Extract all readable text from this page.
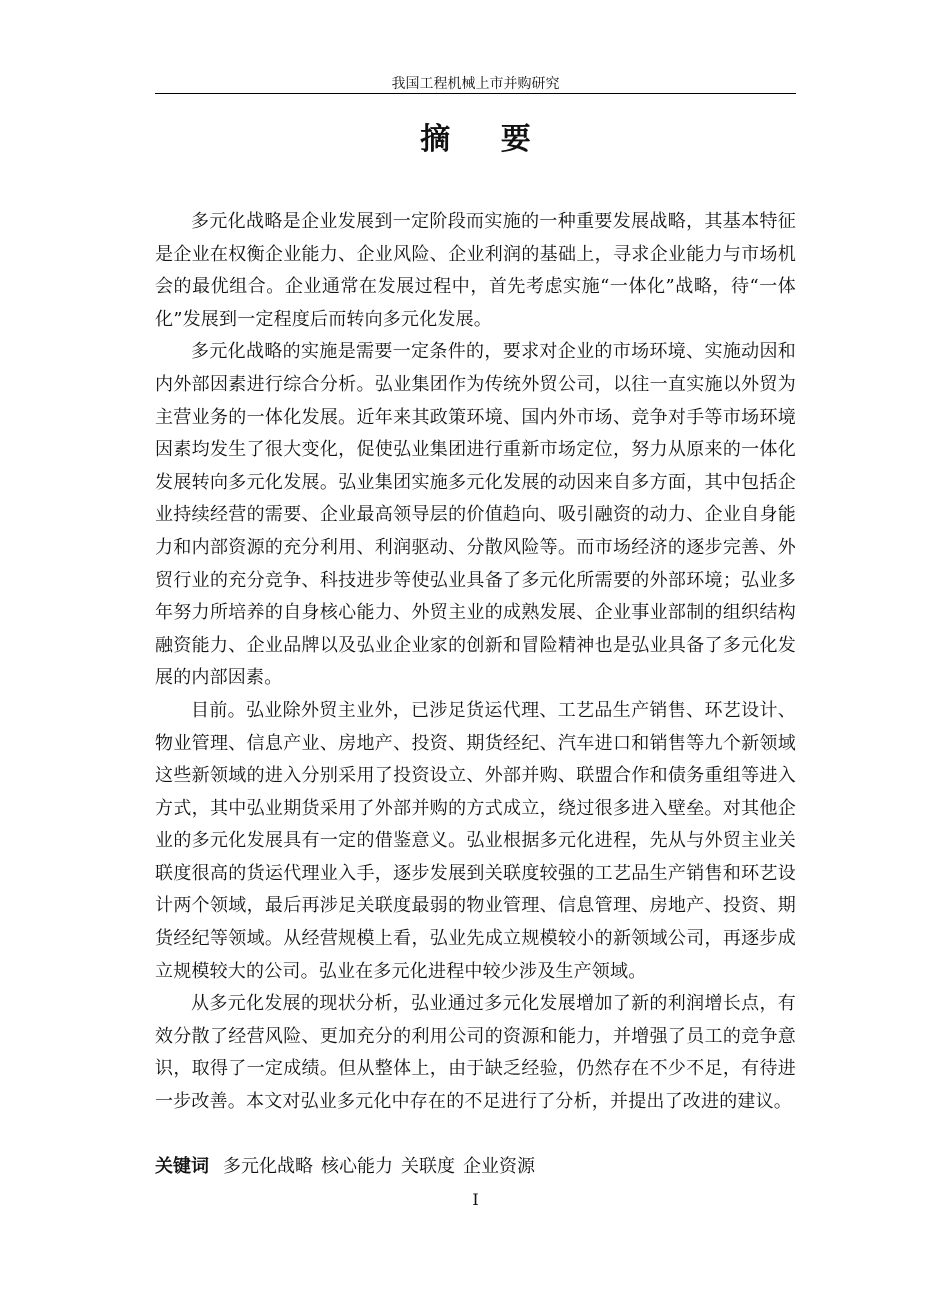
我国工程机械上市并购研究
摘 要

多元化战略是企业发展到一定阶段而实施的一种重要发展战略，其基本特征是企业在权衡企业能力、企业风险、企业利润的基础上，寻求企业能力与市场机会的最优组合。企业通常在发展过程中，首先考虑实施“一体化”战略，待“一体化”发展到一定程度后而转向多元化发展。

多元化战略的实施是需要一定条件的，要求对企业的市场环境、实施动因和内外部因素进行综合分析。弘业集团作为传统外贸公司，以往一直实施以外贸为主营业务的一体化发展。近年来其政策环境、国内外市场、竞争对手等市场环境因素均发生了很大变化，促使弘业集团进行重新市场定位，努力从原来的一体化发展转向多元化发展。弘业集团实施多元化发展的动因来自多方面，其中包括企业持续经营的需要、企业最高领导层的价值趋向、吸引融资的动力、企业自身能力和内部资源的充分利用、利润驱动、分散风险等。而市场经济的逐步完善、外贸行业的充分竞争、科技进步等使弘业具备了多元化所需要的外部环境；弘业多年努力所培养的自身核心能力、外贸主业的成熟发展、企业事业部制的组织结构融资能力、企业品牌以及弘业企业家的创新和冒险精神也是弘业具备了多元化发展的内部因素。

目前。弘业除外贸主业外，已涉足货运代理、工艺品生产销售、环艺设计、物业管理、信息产业、房地产、投资、期货经纪、汽车进口和销售等九个新领域这些新领域的进入分别采用了投资设立、外部并购、联盟合作和债务重组等进入方式，其中弘业期货采用了外部并购的方式成立，绕过很多进入壁垒。对其他企业的多元化发展具有一定的借鉴意义。弘业根据多元化进程，先从与外贸主业关联度很高的货运代理业入手，逐步发展到关联度较强的工艺品生产销售和环艺设计两个领域，最后再涉足关联度最弱的物业管理、信息管理、房地产、投资、期货经纪等领域。从经营规模上看，弘业先成立规模较小的新领域公司，再逐步成立规模较大的公司。弘业在多元化进程中较少涉及生产领域。

从多元化发展的现状分析，弘业通过多元化发展增加了新的利润增长点，有效分散了经营风险、更加充分的利用公司的资源和能力，并增强了员工的竞争意识，取得了一定成绩。但从整体上，由于缺乏经验，仍然存在不少不足，有待进一步改善。本文对弘业多元化中存在的不足进行了分析，并提出了改进的建议。

关键词 多元化战略 核心能力 关联度 企业资源
I
